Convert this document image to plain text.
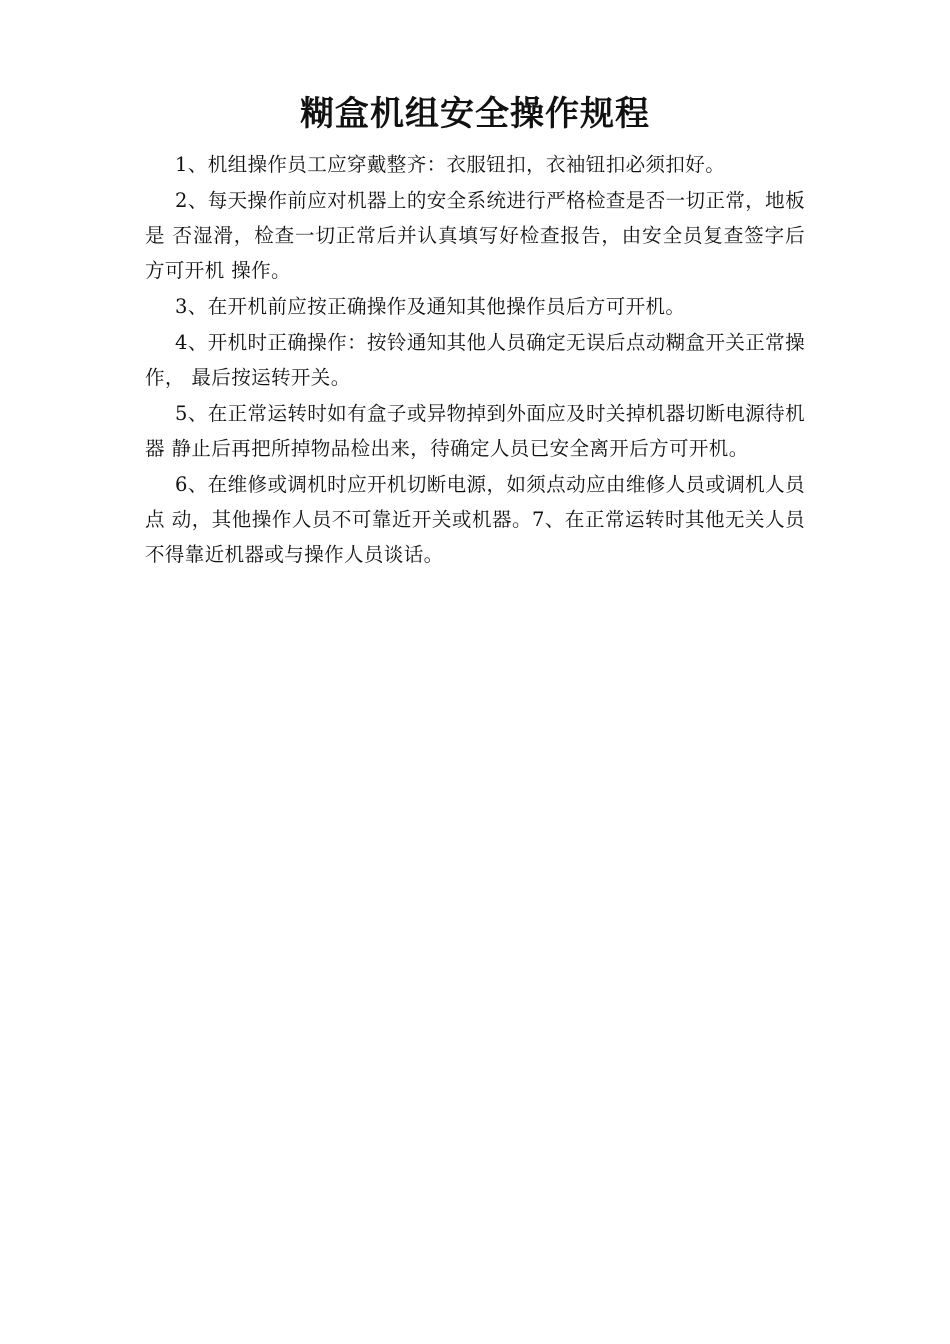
糊盒机组安全操作规程

1、机组操作员工应穿戴整齐：衣服钮扣，衣袖钮扣必须扣好。

2、每天操作前应对机器上的安全系统进行严格检查是否一切正常，地板是 否湿滑，检查一切正常后并认真填写好检查报告，由安全员复查签字后方可开机 操作。

3、在开机前应按正确操作及通知其他操作员后方可开机。

4、开机时正确操作：按铃通知其他人员确定无误后点动糊盒开关正常操作， 最后按运转开关。

5、在正常运转时如有盒子或异物掉到外面应及时关掉机器切断电源待机器 静止后再把所掉物品检出来，待确定人员已安全离开后方可开机。

6、在维修或调机时应开机切断电源，如须点动应由维修人员或调机人员点 动，其他操作人员不可靠近开关或机器。7、在正常运转时其他无关人员不得靠近机器或与操作人员谈话。
